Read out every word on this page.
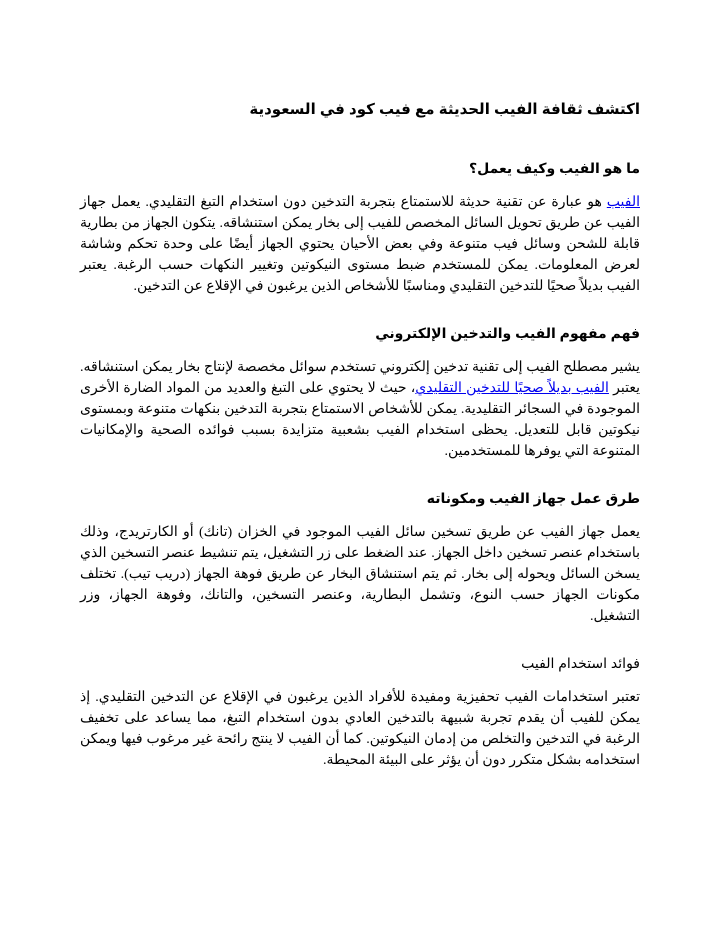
اكتشف ثقافة الفيب الحديثة مع فيب كود في السعودية
ما هو الفيب وكيف يعمل؟

الفيب هو عبارة عن تقنية حديثة للاستمتاع بتجربة التدخين دون استخدام التبغ التقليدي. يعمل جهاز الفيب عن طريق تحويل السائل المخصص للفيب إلى بخار يمكن استنشاقه. يتكون الجهاز من بطارية قابلة للشحن وسائل فيب متنوعة وفي بعض الأحيان يحتوي الجهاز أيضًا على وحدة تحكم وشاشة لعرض المعلومات. يمكن للمستخدم ضبط مستوى النيكوتين وتغيير النكهات حسب الرغبة. يعتبر الفيب بديلاً صحيًا للتدخين التقليدي ومناسبًا للأشخاص الذين يرغبون في الإقلاع عن التدخين.

فهم مفهوم الفيب والتدخين الإلكتروني

يشير مصطلح الفيب إلى تقنية تدخين إلكتروني تستخدم سوائل مخصصة لإنتاج بخار يمكن استنشاقه. يعتبر الفيب بديلاً صحيًا للتدخين التقليدي، حيث لا يحتوي على التبغ والعديد من المواد الضارة الأخرى الموجودة في السجائر التقليدية. يمكن للأشخاص الاستمتاع بتجربة التدخين بنكهات متنوعة وبمستوى نيكوتين قابل للتعديل. يحظى استخدام الفيب بشعبية متزايدة بسبب فوائده الصحية والإمكانيات المتنوعة التي يوفرها للمستخدمين.

طرق عمل جهاز الفيب ومكوناته

يعمل جهاز الفيب عن طريق تسخين سائل الفيب الموجود في الخزان (تانك) أو الكارتريدج، وذلك باستخدام عنصر تسخين داخل الجهاز. عند الضغط على زر التشغيل، يتم تنشيط عنصر التسخين الذي يسخن السائل ويحوله إلى بخار. ثم يتم استنشاق البخار عن طريق فوهة الجهاز (دريب تيب). تختلف مكونات الجهاز حسب النوع، وتشمل البطارية، وعنصر التسخين، والتانك، وفوهة الجهاز، وزر التشغيل.

فوائد استخدام الفيب

تعتبر استخدامات الفيب تحفيزية ومفيدة للأفراد الذين يرغبون في الإقلاع عن التدخين التقليدي. إذ يمكن للفيب أن يقدم تجربة شبيهة بالتدخين العادي بدون استخدام التبغ، مما يساعد على تخفيف الرغبة في التدخين والتخلص من إدمان النيكوتين. كما أن الفيب لا ينتج رائحة غير مرغوب فيها ويمكن استخدامه بشكل متكرر دون أن يؤثر على البيئة المحيطة.
